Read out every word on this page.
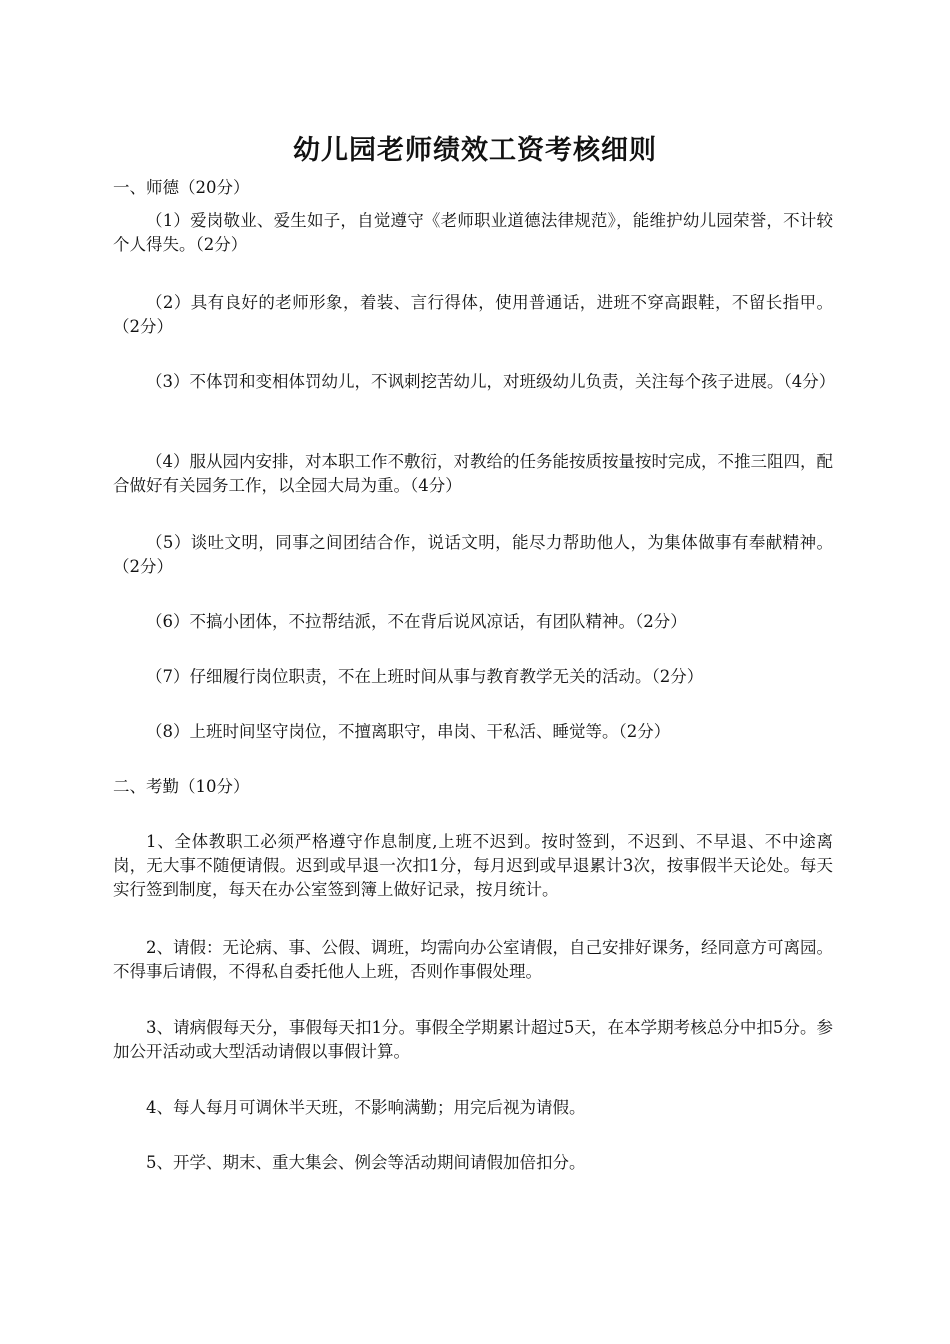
幼儿园老师绩效工资考核细则
一、师德（20分）
（1）爱岗敬业、爱生如子，自觉遵守《老师职业道德法律规范》，能维护幼儿园荣誉，不计较个人得失。（2分）
（2）具有良好的老师形象，着装、言行得体，使用普通话，进班不穿高跟鞋，不留长指甲。（2分）
（3）不体罚和变相体罚幼儿，不讽刺挖苦幼儿，对班级幼儿负责，关注每个孩子进展。（4分）
（4）服从园内安排，对本职工作不敷衍，对教给的任务能按质按量按时完成，不推三阻四，配合做好有关园务工作，以全园大局为重。（4分）
（5）谈吐文明，同事之间团结合作，说话文明，能尽力帮助他人，为集体做事有奉献精神。（2分）
（6）不搞小团体，不拉帮结派，不在背后说风凉话，有团队精神。（2分）
（7）仔细履行岗位职责，不在上班时间从事与教育教学无关的活动。（2分）
（8）上班时间坚守岗位，不擅离职守，串岗、干私活、睡觉等。（2分）
二、考勤（10分）
1、全体教职工必须严格遵守作息制度,上班不迟到。按时签到，不迟到、不早退、不中途离岗，无大事不随便请假。迟到或早退一次扣1分，每月迟到或早退累计3次，按事假半天论处。每天实行签到制度，每天在办公室签到簿上做好记录，按月统计。
2、请假：无论病、事、公假、调班，均需向办公室请假，自己安排好课务，经同意方可离园。不得事后请假，不得私自委托他人上班，否则作事假处理。
3、请病假每天分，事假每天扣1分。事假全学期累计超过5天，在本学期考核总分中扣5分。参加公开活动或大型活动请假以事假计算。
4、每人每月可调休半天班，不影响满勤；用完后视为请假。
5、开学、期末、重大集会、例会等活动期间请假加倍扣分。
